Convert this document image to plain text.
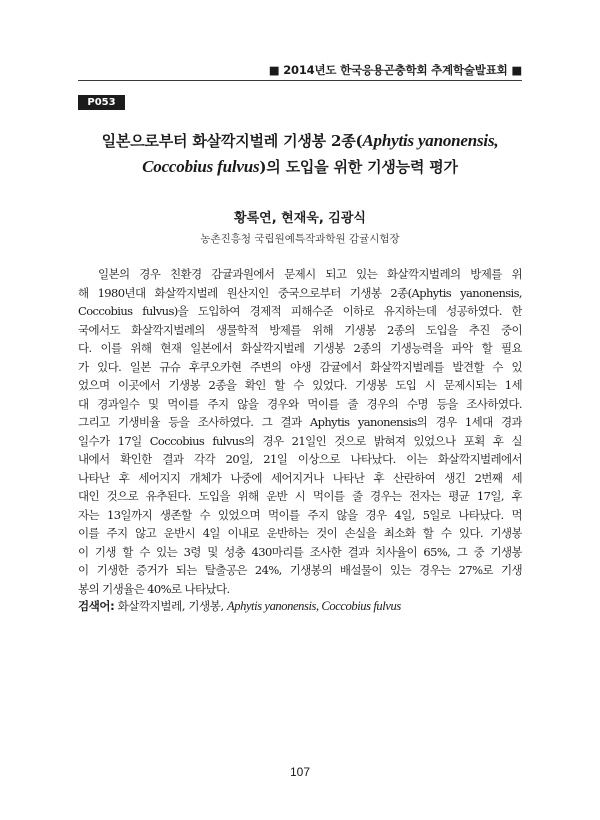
■ 2014년도 한국응용곤충학회 추계학술발표회 ■
P053
일본으로부터 화살깍지벌레 기생봉 2종(Aphytis yanonensis,
Coccobius fulvus)의 도입을 위한 기생능력 평가
황록연, 현재욱, 김광식
농촌진흥청 국립원예특작과학원 감귤시험장
일본의 경우 친환경 감귤과원에서 문제시 되고 있는 화살깍지벌레의 방제를 위
해 1980년대 화살깍지벌레 원산지인 중국으로부터 기생봉 2종(Aphytis yanonensis,
Coccobius fulvus)을 도입하여 경제적 피해수준 이하로 유지하는데 성공하였다. 한
국에서도 화살깍지벌레의 생물학적 방제를 위해 기생봉 2종의 도입을 추진 중이
다. 이를 위해 현재 일본에서 화살깍지벌레 기생봉 2종의 기생능력을 파악 할 필요
가 있다. 일본 규슈 후쿠오카현 주변의 야생 감귤에서 화살깍지벌레를 발견할 수 있
었으며 이곳에서 기생봉 2종을 확인 할 수 있었다. 기생봉 도입 시 문제시되는 1세
대 경과일수 및 먹이를 주지 않을 경우와 먹이를 줄 경우의 수명 등을 조사하였다.
그리고 기생비율 등을 조사하였다. 그 결과 Aphytis yanonensis의 경우 1세대 경과
일수가 17일 Coccobius fulvus의 경우 21일인 것으로 밝혀져 있었으나 포획 후 실
내에서 확인한 결과 각각 20일, 21일 이상으로 나타났다. 이는 화살깍지벌레에서
나타난 후 세어지지 개체가 나중에 세어지거나 나타난 후 산란하여 생긴 2번째 세
대인 것으로 유추된다. 도입을 위해 운반 시 먹이를 줄 경우는 전자는 평균 17일, 후
자는 13일까지 생존할 수 있었으며 먹이를 주지 않을 경우 4일, 5일로 나타났다. 먹
이를 주지 않고 운반시 4일 이내로 운반하는 것이 손실을 최소화 할 수 있다. 기생봉
이 기생 할 수 있는 3령 및 성충 430마리를 조사한 결과 치사율이 65%, 그 중 기생봉
이 기생한 증거가 되는 탈출공은 24%, 기생봉의 배설물이 있는 경우는 27%로 기생
봉의 기생율은 40%로 나타났다.
검색어: 화살깍지벌레, 기생봉, Aphytis yanonensis, Coccobius fulvus
107
